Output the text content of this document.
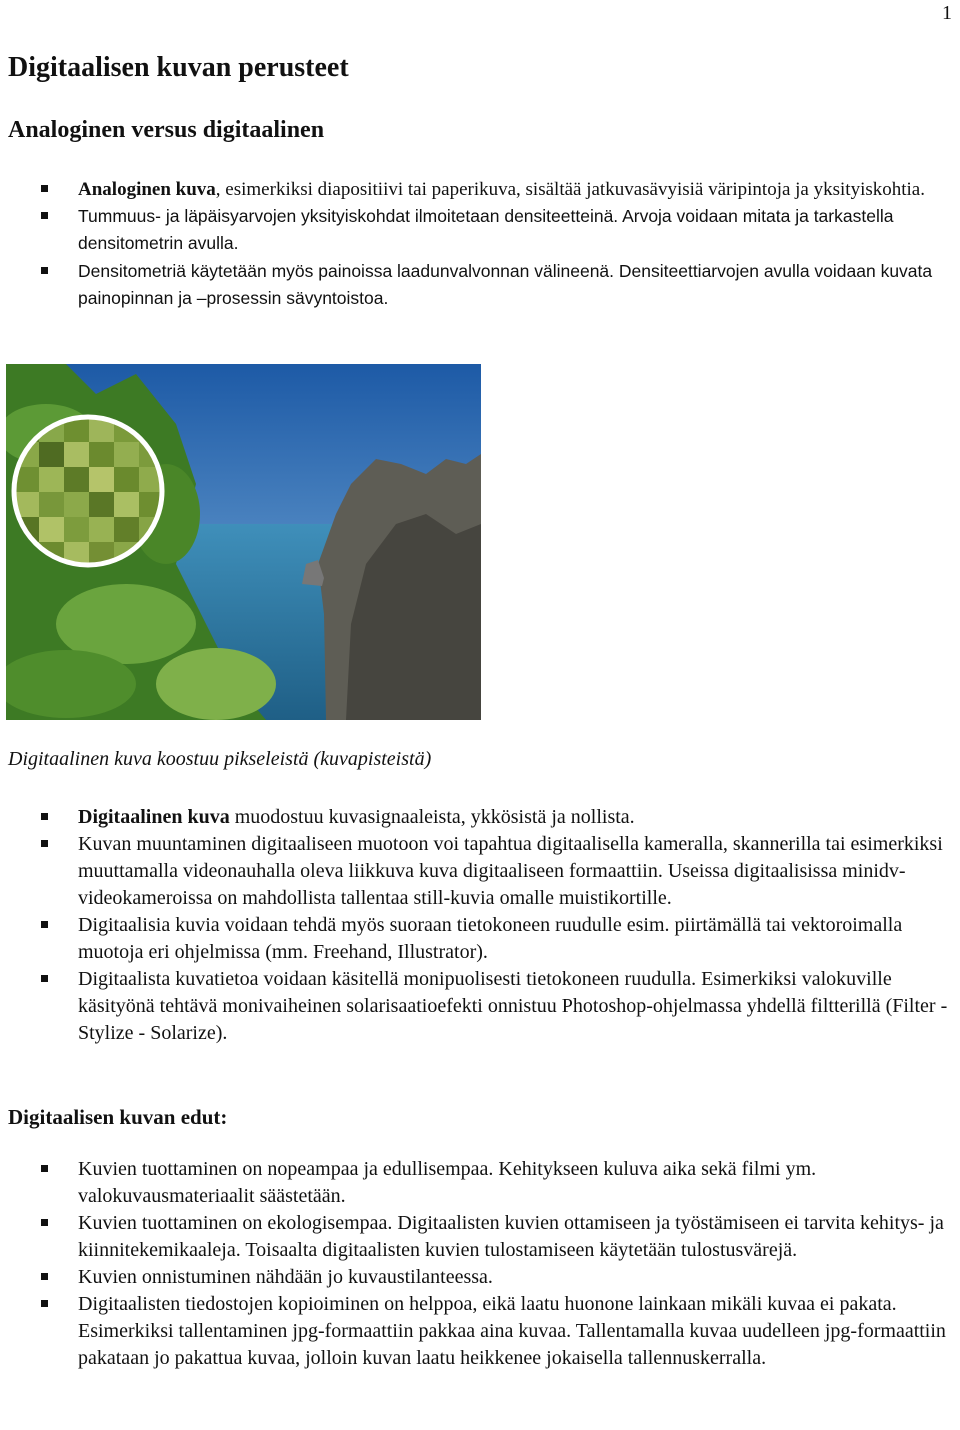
1
Digitaalisen kuvan perusteet
Analoginen versus digitaalinen
Analoginen kuva, esimerkiksi diapositiivi tai paperikuva, sisältää jatkuvasävyisiä väripintoja ja yksityiskohtia.
Tummuus- ja läpäisyarvojen yksityiskohdat ilmoitetaan densiteetteinä. Arvoja voidaan mitata ja tarkastella densitometrin avulla.
Densitometriä käytetään myös painoissa laadunvalvonnan välineenä. Densiteettiarvojen avulla voidaan kuvata painopinnan ja –prosessin sävyntoistoa.
Digitaalinen kuva koostuu pikseleistä (kuvapisteistä)
Digitaalinen kuva muodostuu kuvasignaaleista, ykkösistä ja nollista.
Kuvan muuntaminen digitaaliseen muotoon voi tapahtua digitaalisella kameralla, skannerilla tai esimerkiksi muuttamalla videonauhalla oleva liikkuva kuva digitaaliseen formaattiin. Useissa digitaalisissa minidv-videokameroissa on mahdollista tallentaa still-kuvia omalle muistikortille.
Digitaalisia kuvia voidaan tehdä myös suoraan tietokoneen ruudulle esim. piirtämällä tai vektoroimalla muotoja eri ohjelmissa (mm. Freehand, Illustrator).
Digitaalista kuvatietoa voidaan käsitellä monipuolisesti tietokoneen ruudulla. Esimerkiksi valokuville käsityönä tehtävä monivaiheinen solarisaatioefekti onnistuu Photoshop-ohjelmassa yhdellä filtterillä (Filter - Stylize - Solarize).
Digitaalisen kuvan edut:
Kuvien tuottaminen on nopeampaa ja edullisempaa. Kehitykseen kuluva aika sekä filmi ym. valokuvausmateriaalit säästetään.
Kuvien tuottaminen on ekologisempaa. Digitaalisten kuvien ottamiseen ja työstämiseen ei tarvita kehitys- ja kiinnitekemikaaleja. Toisaalta digitaalisten kuvien tulostamiseen käytetään tulostusvärejä.
Kuvien onnistuminen nähdään jo kuvaustilanteessa.
Digitaalisten tiedostojen kopioiminen on helppoa, eikä laatu huonone lainkaan mikäli kuvaa ei pakata. Esimerkiksi tallentaminen jpg-formaattiin pakkaa aina kuvaa. Tallentamalla kuvaa uudelleen jpg-formaattiin pakataan jo pakattua kuvaa, jolloin kuvan laatu heikkenee jokaisella tallennuskerralla.
